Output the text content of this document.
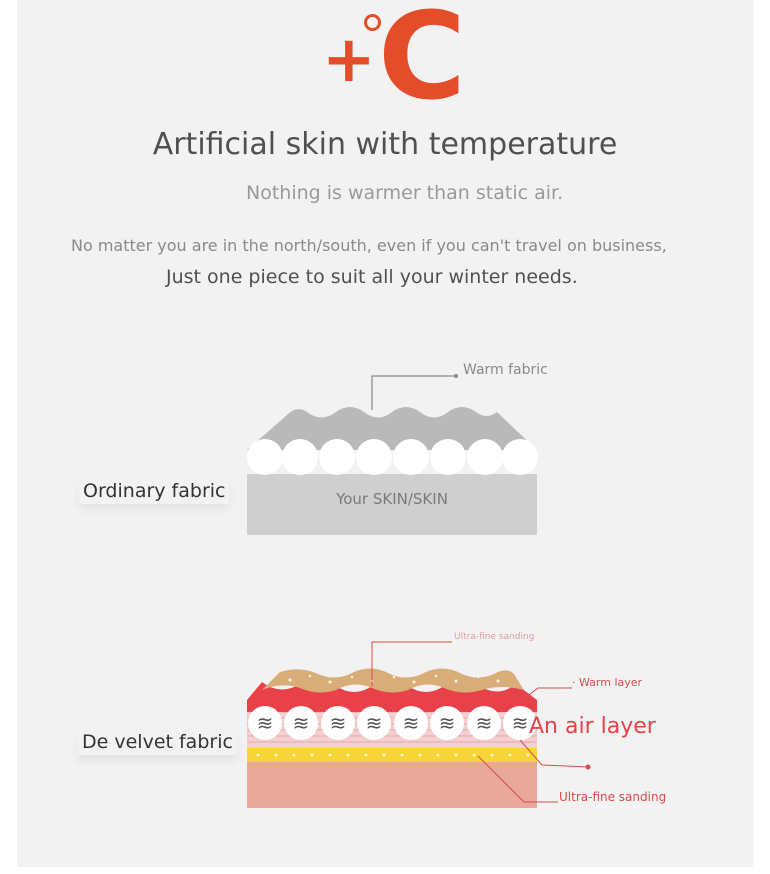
+ C
Artificial skin with temperature
Nothing is warmer than static air.
No matter you are in the north/south, even if you can't travel on business,
Just one piece to suit all your winter needs.
Warm fabric
Your SKIN/SKIN
≋ ≋ ≋ ≋ ≋ ≋ ≋ ≋
Ultra-fine sanding
· Warm layer
An air layer
Ultra-fine sanding
Ordinary fabric
De velvet fabric
